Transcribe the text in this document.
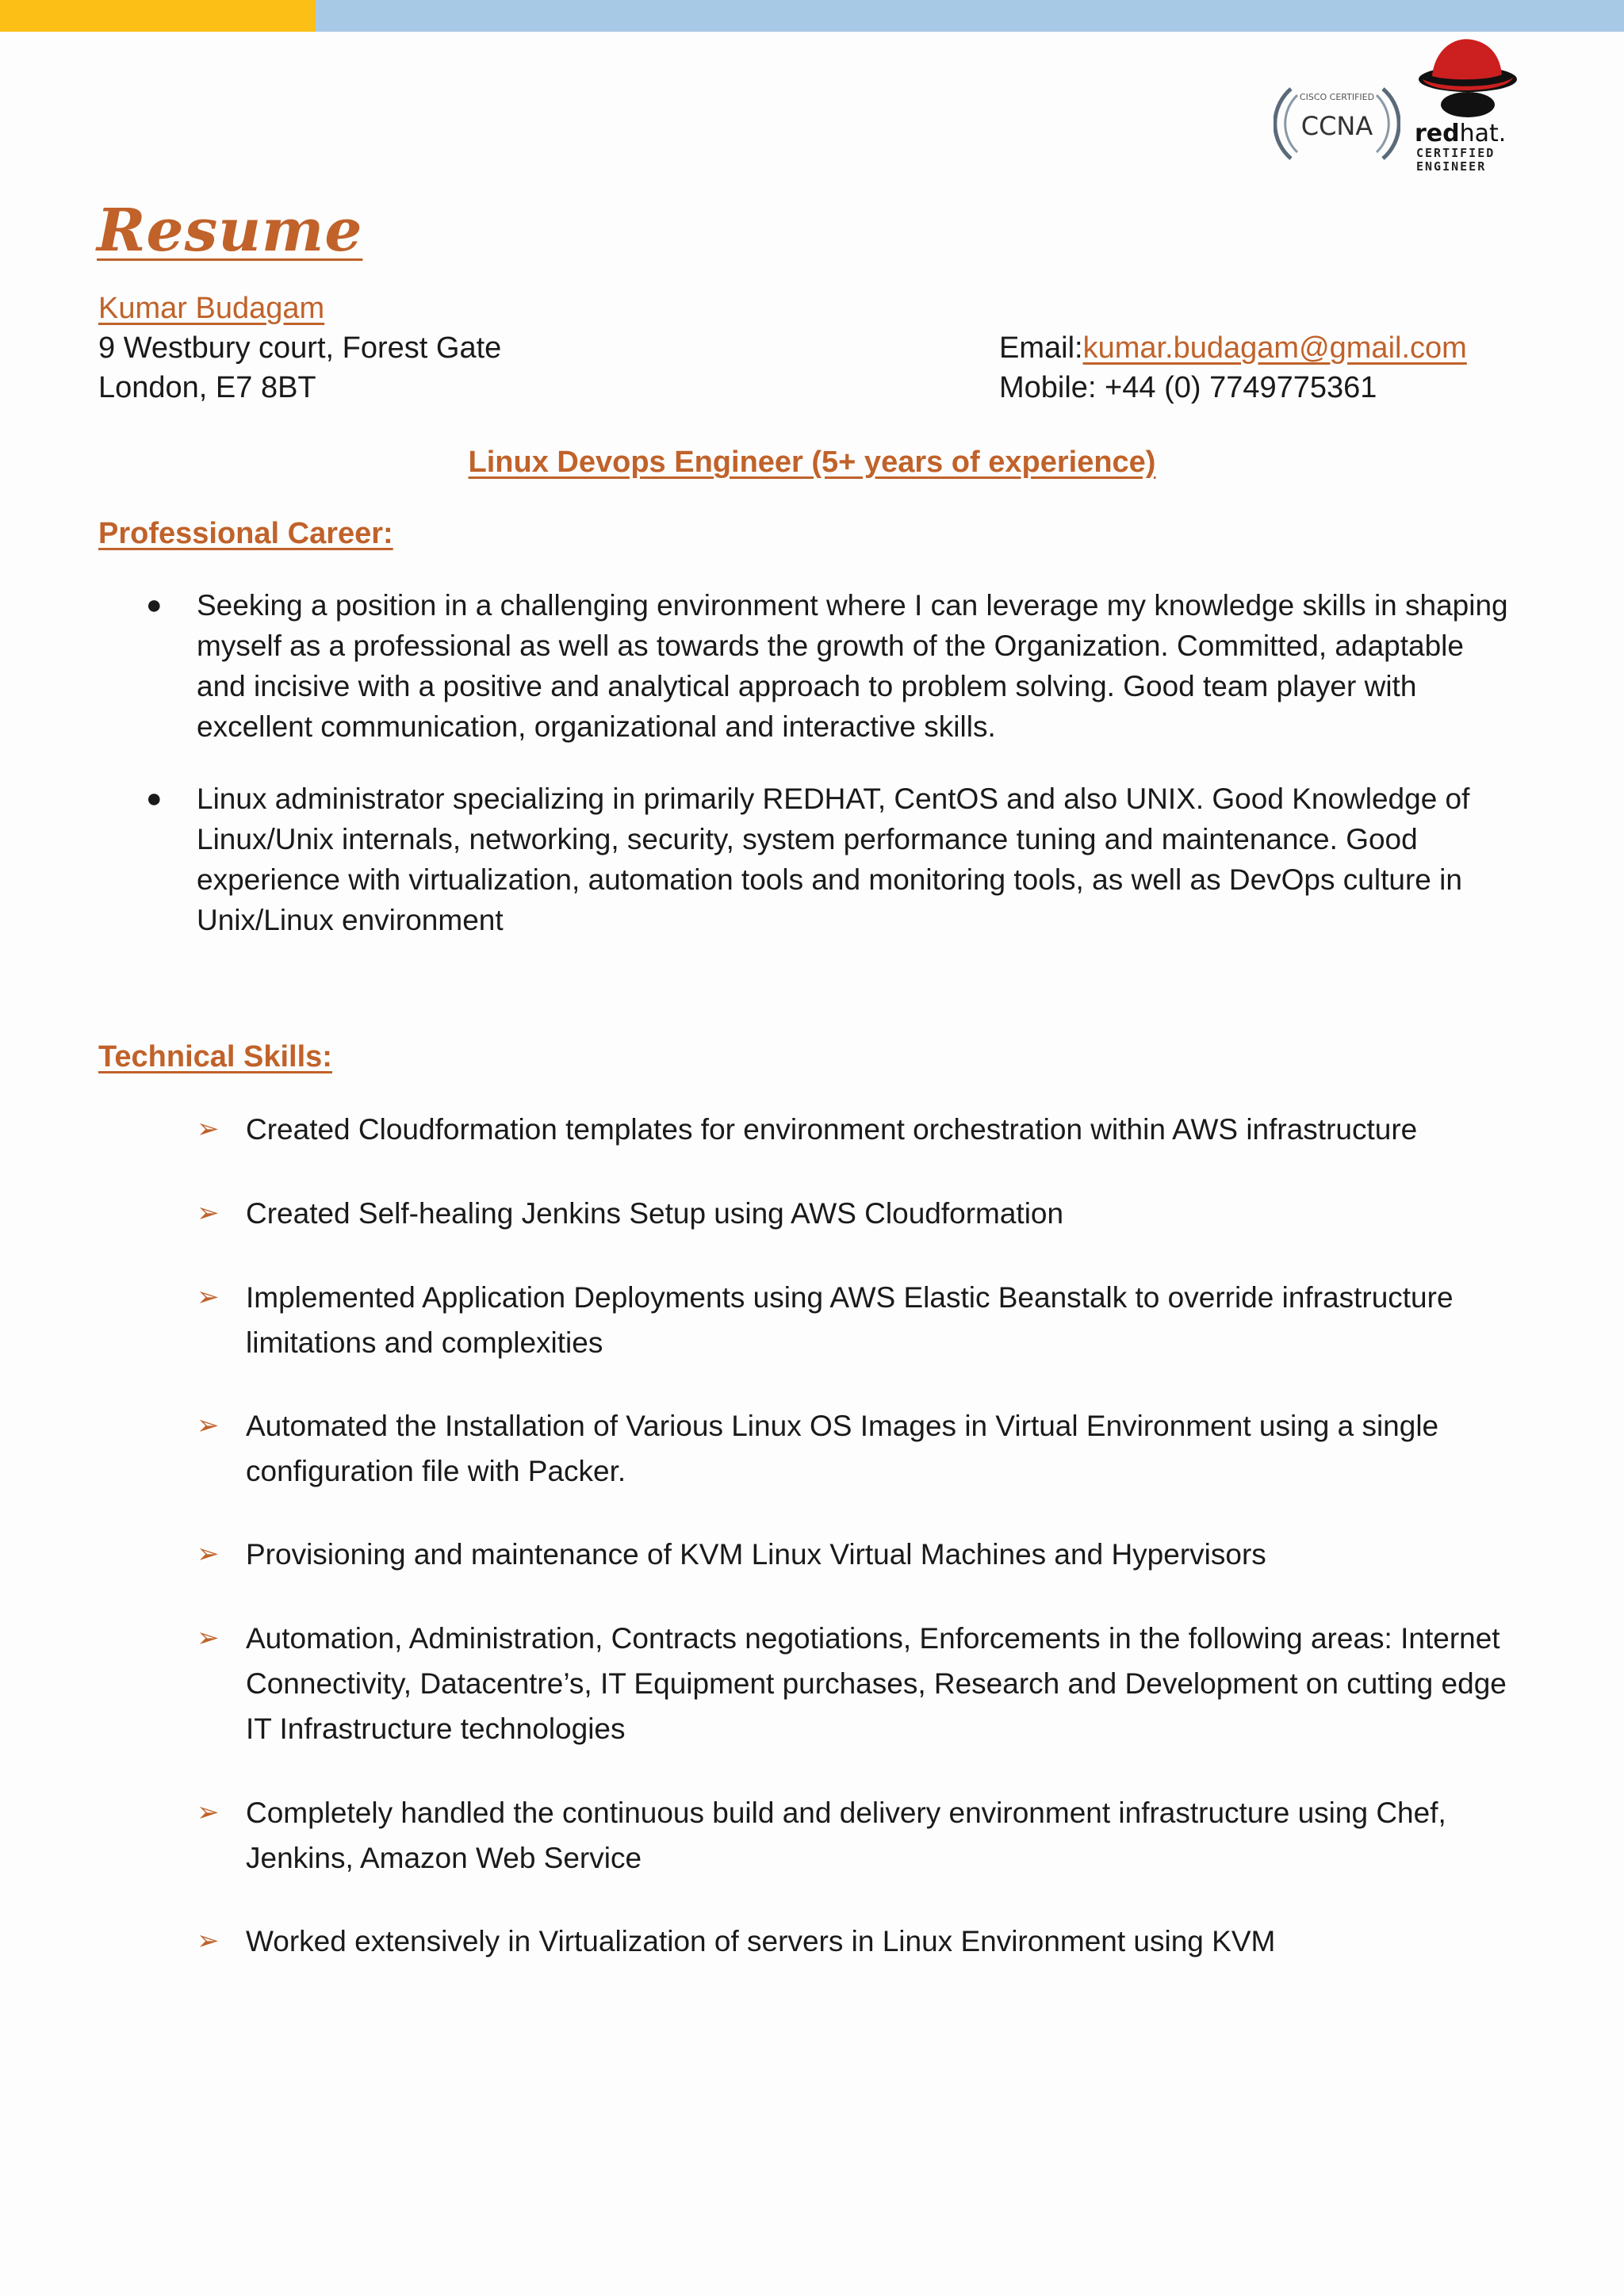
CISCO CERTIFIED
CCNA redhat.
CERTIFIED
ENGINEER
Resume
Kumar Budagam
9 Westbury court, Forest Gate
London, E7 8BT
Email:kumar.budagam@gmail.com
Mobile: +44 (0) 7749775361
Linux Devops Engineer (5+ years of experience)
Professional Career:
● Seeking a position in a challenging environment where I can leverage my knowledge skills in shaping myself as a professional as well as towards the growth of the Organization. Committed, adaptable and incisive with a positive and analytical approach to problem solving. Good team player with excellent communication, organizational and interactive skills.
● Linux administrator specializing in primarily REDHAT, CentOS and also UNIX. Good Knowledge of Linux/Unix internals, networking, security, system performance tuning and maintenance. Good experience with virtualization, automation tools and monitoring tools, as well as DevOps culture in Unix/Linux environment
Technical Skills:
➢ Created Cloudformation templates for environment orchestration within AWS infrastructure
➢ Created Self-healing Jenkins Setup using AWS Cloudformation
➢ Implemented Application Deployments using AWS Elastic Beanstalk to override infrastructure limitations and complexities
➢ Automated the Installation of Various Linux OS Images in Virtual Environment using a single configuration file with Packer.
➢ Provisioning and maintenance of KVM Linux Virtual Machines and Hypervisors
➢ Automation, Administration, Contracts negotiations, Enforcements in the following areas: Internet Connectivity, Datacentre’s, IT Equipment purchases, Research and Development on cutting edge IT Infrastructure technologies
➢ Completely handled the continuous build and delivery environment infrastructure using Chef, Jenkins, Amazon Web Service
➢ Worked extensively in Virtualization of servers in Linux Environment using KVM
